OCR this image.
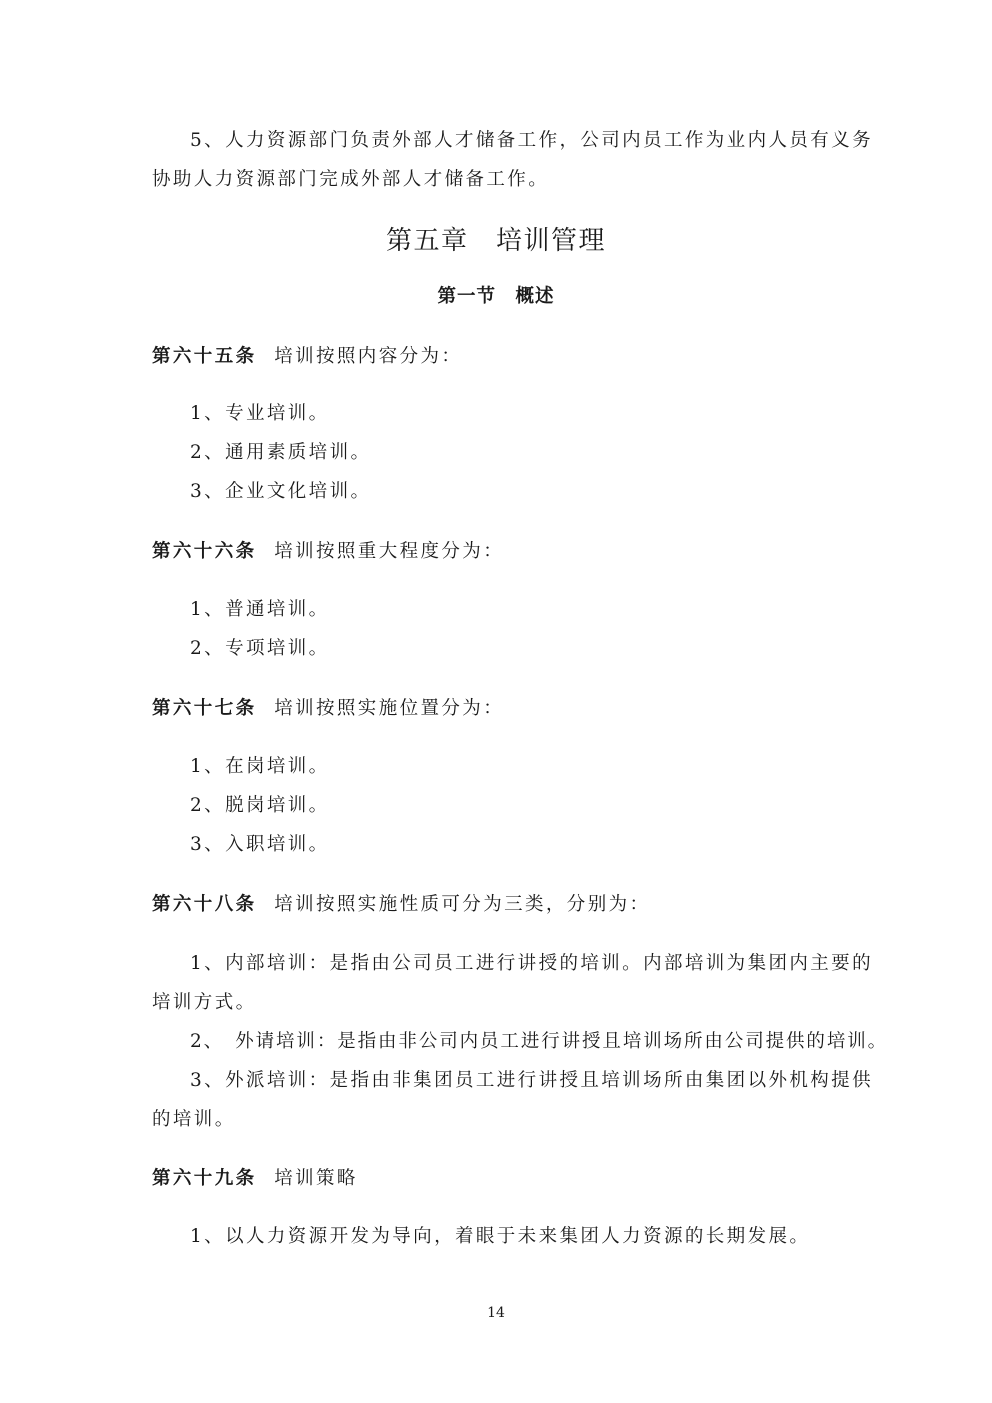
5、人力资源部门负责外部人才储备工作，公司内员工作为业内人员有义务
协助人力资源部门完成外部人才储备工作。
第五章　培训管理
第一节　概述
第六十五条 培训按照内容分为：
1、专业培训。
2、通用素质培训。
3、企业文化培训。
第六十六条 培训按照重大程度分为：
1、普通培训。
2、专项培训。
第六十七条 培训按照实施位置分为：
1、在岗培训。
2、脱岗培训。
3、入职培训。
第六十八条 培训按照实施性质可分为三类，分别为：
1、内部培训：是指由公司员工进行讲授的培训。内部培训为集团内主要的
培训方式。
2、　外请培训：是指由非公司内员工进行讲授且培训场所由公司提供的培训。
3、外派培训：是指由非集团员工进行讲授且培训场所由集团以外机构提供
的培训。
第六十九条 培训策略
1、以人力资源开发为导向，着眼于未来集团人力资源的长期发展。
14
